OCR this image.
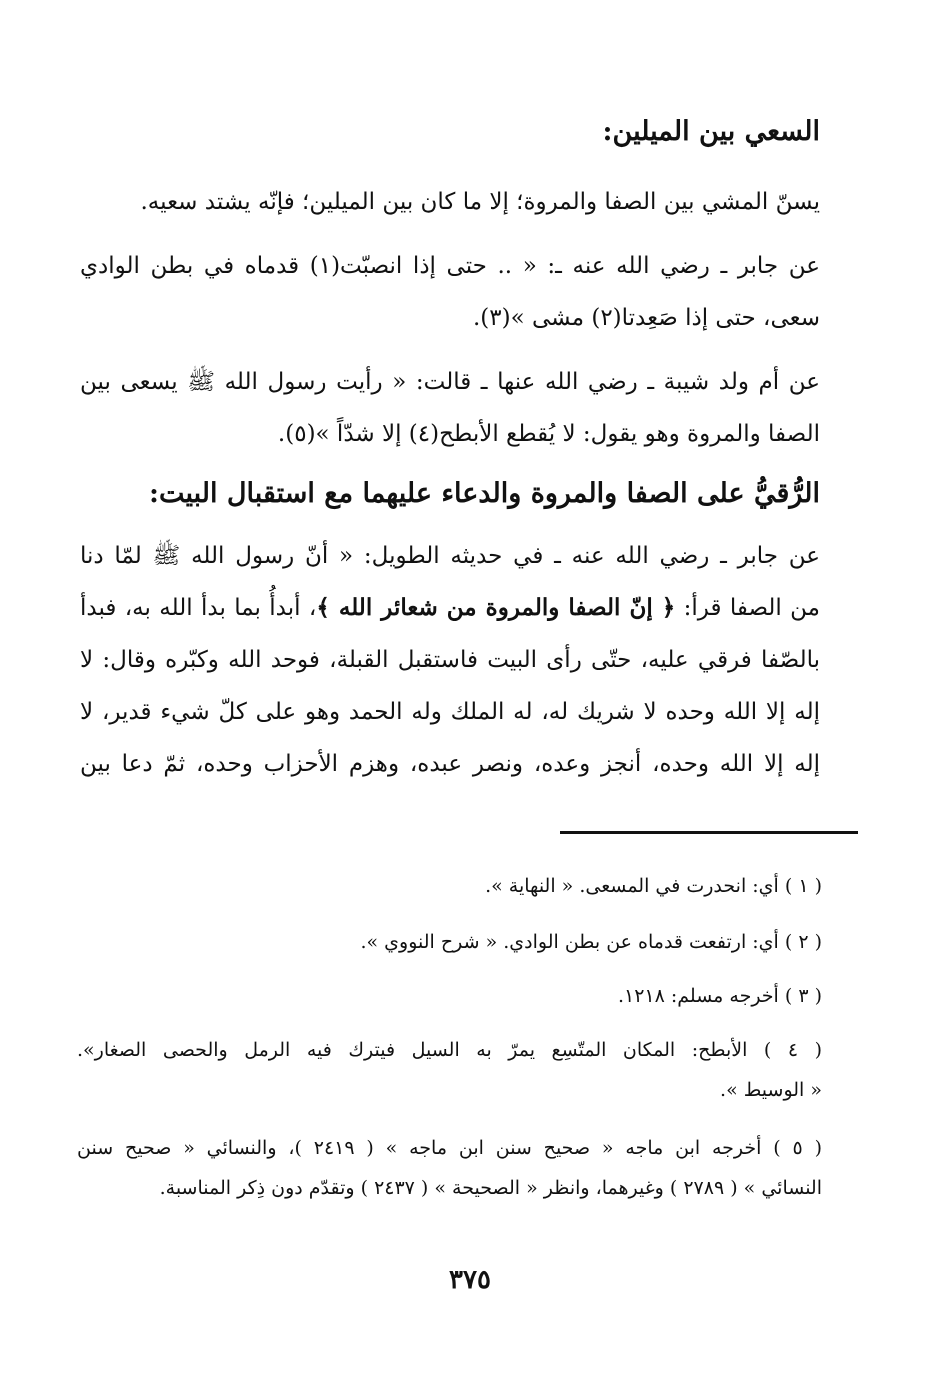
السعي بين الميلين:
يسنّ المشي بين الصفا والمروة؛ إلا ما كان بين الميلين؛ فإنّه يشتد سعيه.
عن جابر ـ رضي الله عنه ـ: « .. حتى إذا انصبّت(١) قدماه في بطن الوادي
سعى، حتى إذا صَعِدتا(٢) مشى »(٣).
عن أم ولد شيبة ـ رضي الله عنها ـ قالت: « رأيت رسول الله ﷺ يسعى بين
الصفا والمروة وهو يقول: لا يُقطع الأبطح(٤) إلا شدّاً »(٥).
الرُّقيُّ على الصفا والمروة والدعاء عليهما مع استقبال البيت:
عن جابر ـ رضي الله عنه ـ في حديثه الطويل: « أنّ رسول الله ﷺ لمّا دنا
من الصفا قرأ: ﴿ إنّ الصفا والمروة من شعائر الله ﴾، أبدأُ بما بدأ الله به، فبدأ
بالصّفا فرقي عليه، حتّى رأى البيت فاستقبل القبلة، فوحد الله وكبّره وقال: لا
إله إلا الله وحده لا شريك له، له الملك وله الحمد وهو على كلّ شيء قدير، لا
إله إلا الله وحده، أنجز وعده، ونصر عبده، وهزم الأحزاب وحده، ثمّ دعا بين
( ١ ) أي: انحدرت في المسعى. « النهاية ».
( ٢ ) أي: ارتفعت قدماه عن بطن الوادي. « شرح النووي ».
( ٣ ) أخرجه مسلم: ١٢١٨.
( ٤ ) الأبطح: المكان المتّسِع يمرّ به السيل فيترك فيه الرمل والحصى الصغار».
« الوسيط ».
( ٥ ) أخرجه ابن ماجه « صحيح سنن ابن ماجه » ( ٢٤١٩ )، والنسائي « صحيح سنن
النسائي » ( ٢٧٨٩ ) وغيرهما، وانظر « الصحيحة » ( ٢٤٣٧ ) وتقدّم دون ذِكر المناسبة.
٣٧٥
